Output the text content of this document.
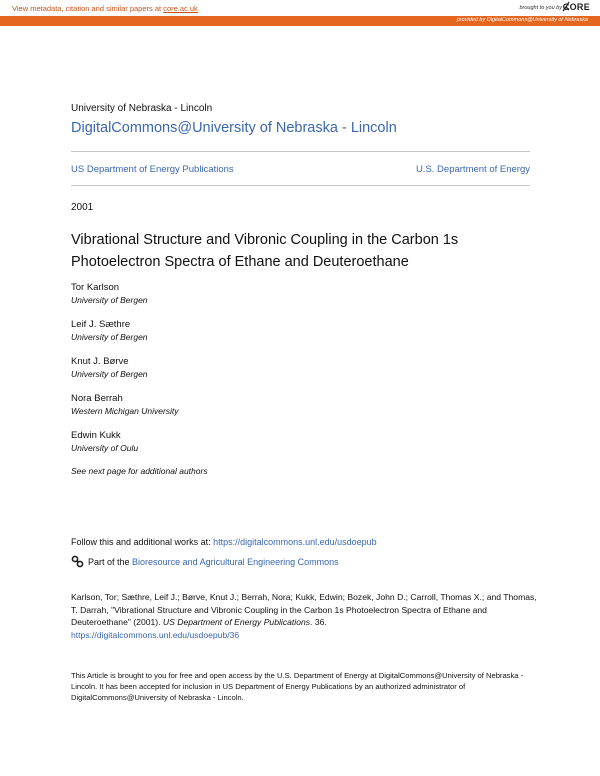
View metadata, citation and similar papers at core.ac.uk	brought to you by CORE
provided by DigitalCommons@University of Nebraska
University of Nebraska - Lincoln
DigitalCommons@University of Nebraska - Lincoln
US Department of Energy Publications	U.S. Department of Energy
2001
Vibrational Structure and Vibronic Coupling in the Carbon 1s Photoelectron Spectra of Ethane and Deuteroethane
Tor Karlson
University of Bergen
Leif J. Sæthre
University of Bergen
Knut J. Børve
University of Bergen
Nora Berrah
Western Michigan University
Edwin Kukk
University of Oulu
See next page for additional authors
Follow this and additional works at: https://digitalcommons.unl.edu/usdoepub
Part of the
Bioresource and Agricultural Engineering Commons
Karlson, Tor; Sæthre, Leif J.; Børve, Knut J.; Berrah, Nora; Kukk, Edwin; Bozek, John D.; Carroll, Thomas X.; and Thomas, T. Darrah, "Vibrational Structure and Vibronic Coupling in the Carbon 1s Photoelectron Spectra of Ethane and Deuteroethane" (2001). US Department of Energy Publications. 36.
https://digitalcommons.unl.edu/usdoepub/36
This Article is brought to you for free and open access by the U.S. Department of Energy at DigitalCommons@University of Nebraska - Lincoln. It has been accepted for inclusion in US Department of Energy Publications by an authorized administrator of DigitalCommons@University of Nebraska - Lincoln.
